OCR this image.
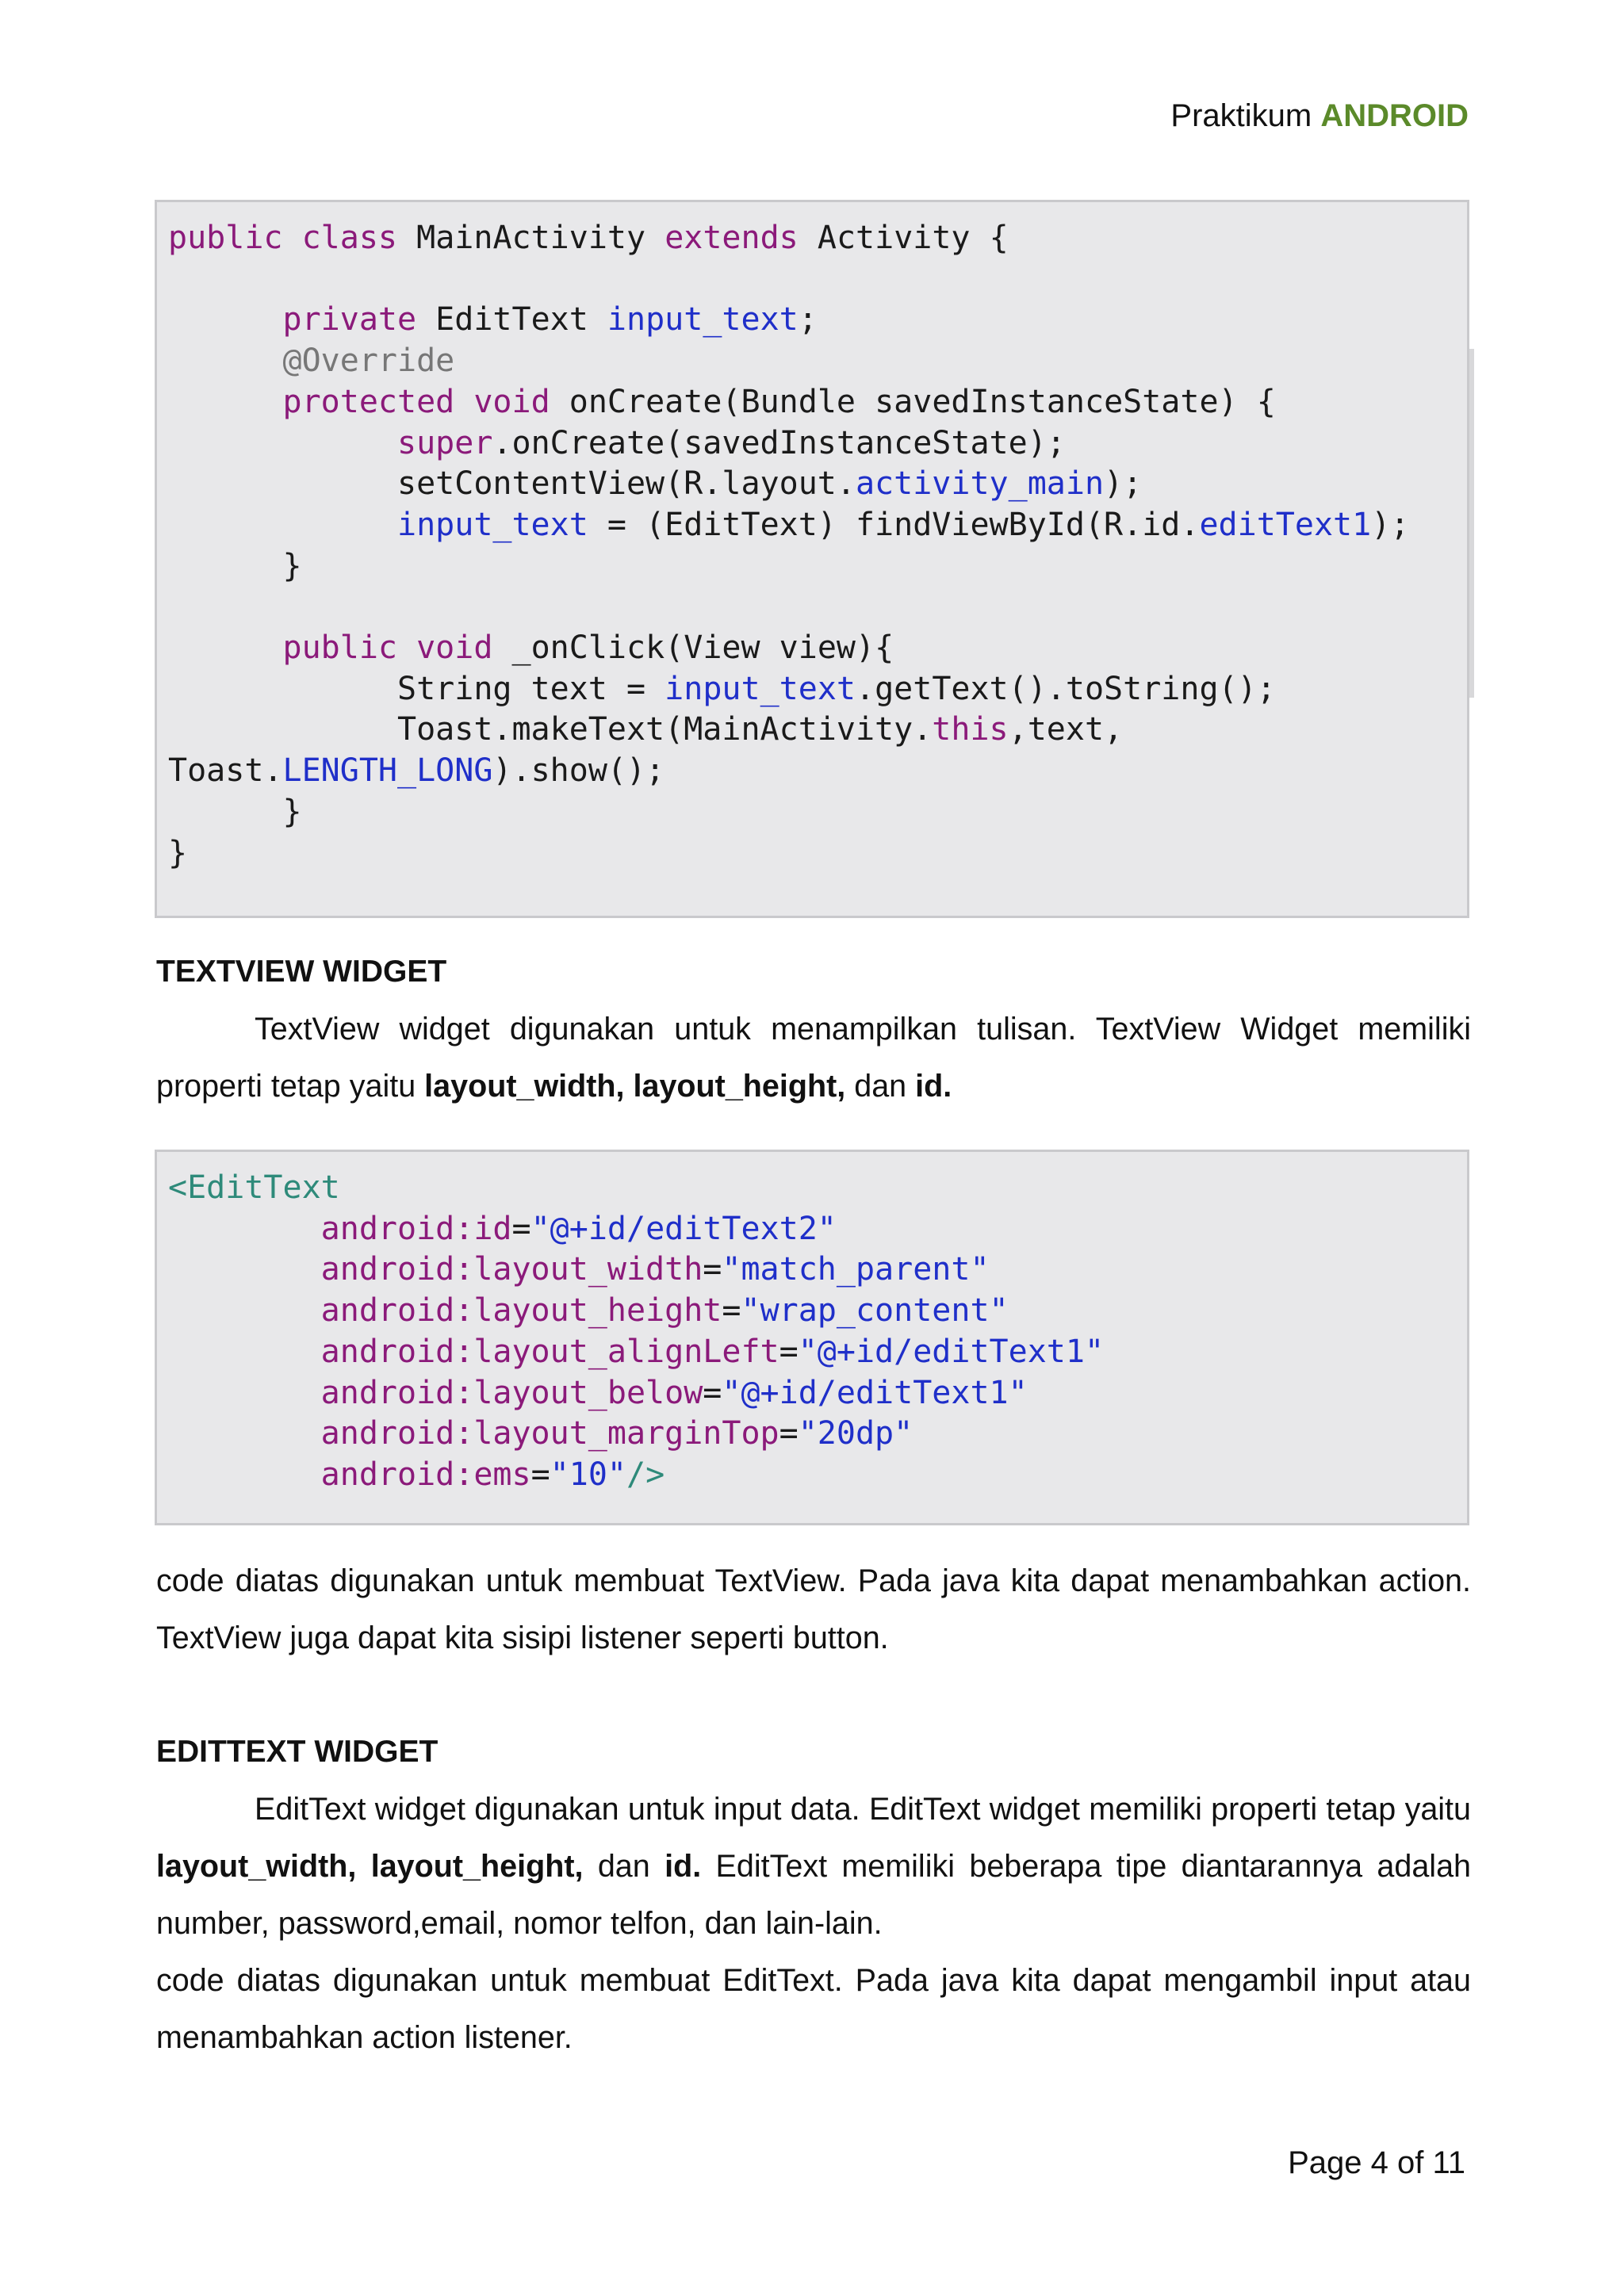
Praktikum ANDROID
public class MainActivity extends Activity {

private EditText input_text;
@Override
protected void onCreate(Bundle savedInstanceState) {
super.onCreate(savedInstanceState);
setContentView(R.layout.activity_main);
input_text = (EditText) findViewById(R.id.editText1);
}

public void _onClick(View view){
String text = input_text.getText().toString();
Toast.makeText(MainActivity.this,text,
Toast.LENGTH_LONG).show();
}
}
TEXTVIEW WIDGET

TextView widget digunakan untuk menampilkan tulisan. TextView Widget memiliki properti tetap yaitu layout_width, layout_height, dan id.

<EditText
android:id="@+id/editText2"
android:layout_width="match_parent"
android:layout_height="wrap_content"
android:layout_alignLeft="@+id/editText1"
android:layout_below="@+id/editText1"
android:layout_marginTop="20dp"
android:ems="10"/>

code diatas digunakan untuk membuat TextView. Pada java kita dapat menambahkan action. TextView juga dapat kita sisipi listener seperti button.

EDITTEXT WIDGET

EditText widget digunakan untuk input data. EditText widget memiliki properti tetap yaitu layout_width, layout_height, dan id. EditText memiliki beberapa tipe diantarannya adalah number, password,email, nomor telfon, dan lain-lain.

code diatas digunakan untuk membuat EditText. Pada java kita dapat mengambil input atau menambahkan action listener.

Page 4 of 11
